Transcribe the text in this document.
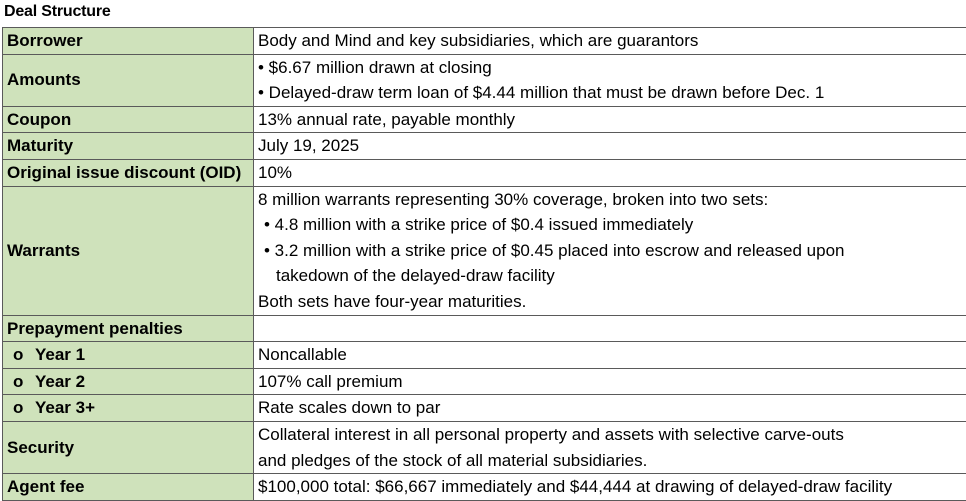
Deal Structure
Borrower	Body and Mind and key subsidiaries, which are guarantors

Amounts	• $6.67 million drawn at closing
• Delayed-draw term loan of $4.44 million that must be drawn before Dec. 1

Coupon	13% annual rate, payable monthly

Maturity	July 19, 2025

Original issue discount (OID)	10%

Warrants	8 million warrants representing 30% coverage, broken into two sets:
• 4.8 million with a strike price of $0.4 issued immediately
• 3.2 million with a strike price of $0.45 placed into escrow and released upon
takedown of the delayed-draw facility
Both sets have four-year maturities.

Prepayment penalties	

o Year 1	Noncallable

o Year 2	107% call premium

o Year 3+	Rate scales down to par

Security	Collateral interest in all personal property and assets with selective carve-outs
and pledges of the stock of all material subsidiaries.

Agent fee	$100,000 total: $66,667 immediately and $44,444 at drawing of delayed-draw facility
